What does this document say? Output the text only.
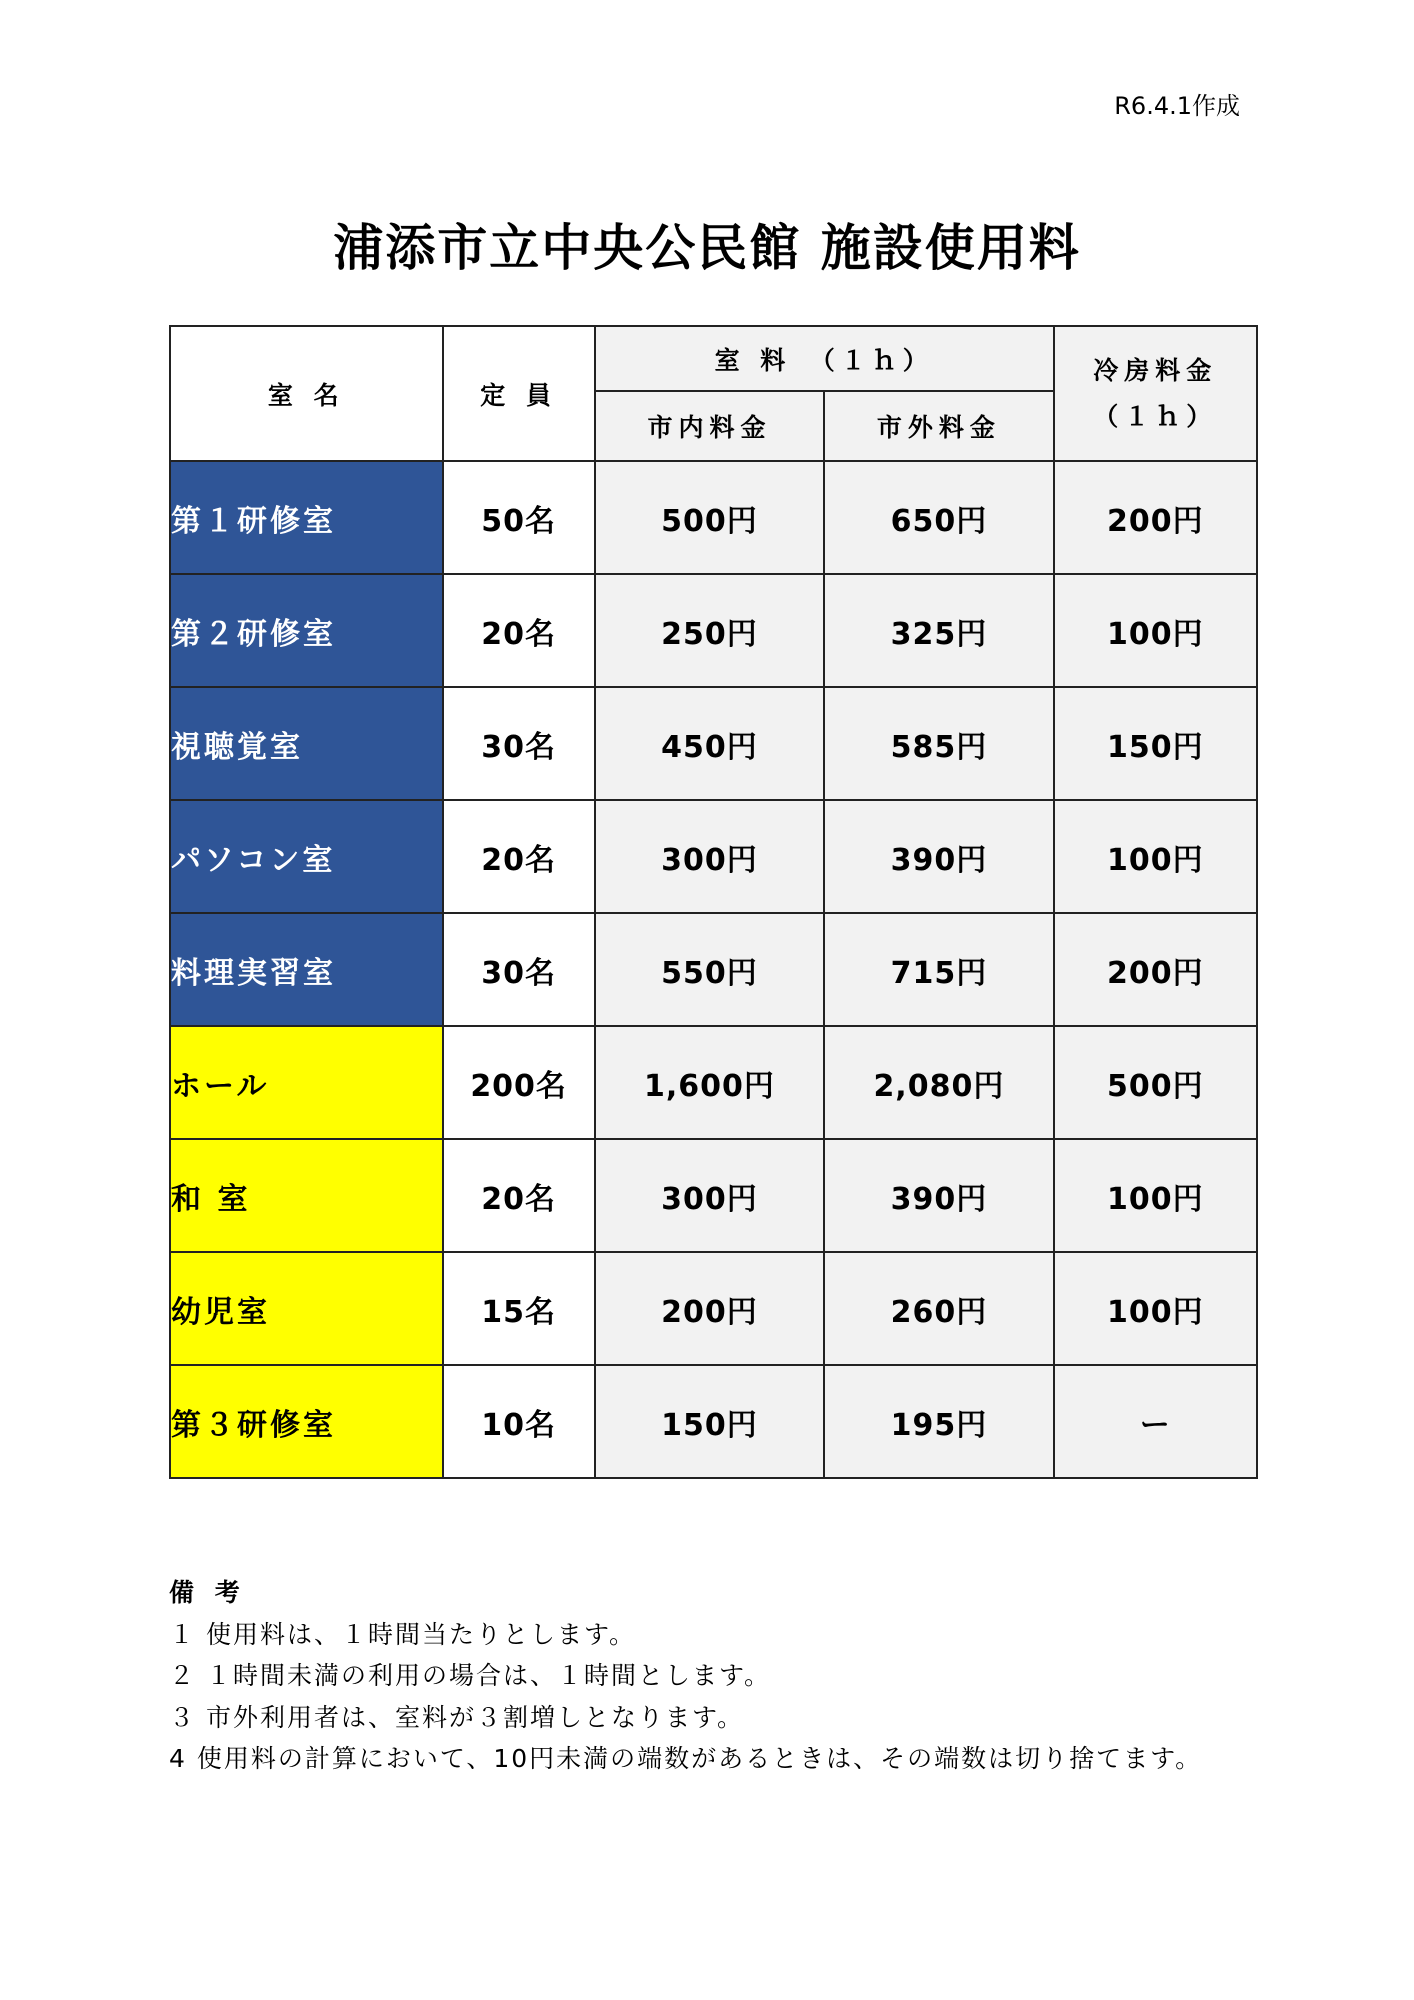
R6.4.1作成
浦添市立中央公民館 施設使用料
室 名	定 員	室 料　（１ｈ）		冷房料金
（１ｈ）

		市内料金	市外料金	
第１研修室	50名	500円	650円	200円
第２研修室	20名	250円	325円	100円
視聴覚室	30名	450円	585円	150円
パソコン室	20名	300円	390円	100円
料理実習室	30名	550円	715円	200円
ホール	200名	1,600円	2,080円	500円
和 室	20名	300円	390円	100円
幼児室	15名	200円	260円	100円
第３研修室	10名	150円	195円	ー
備 考
１ 使用料は、１時間当たりとします。
２ １時間未満の利用の場合は、１時間とします。
３ 市外利用者は、室料が３割増しとなります。
4 使用料の計算において、10円未満の端数があるときは、その端数は切り捨てます。
